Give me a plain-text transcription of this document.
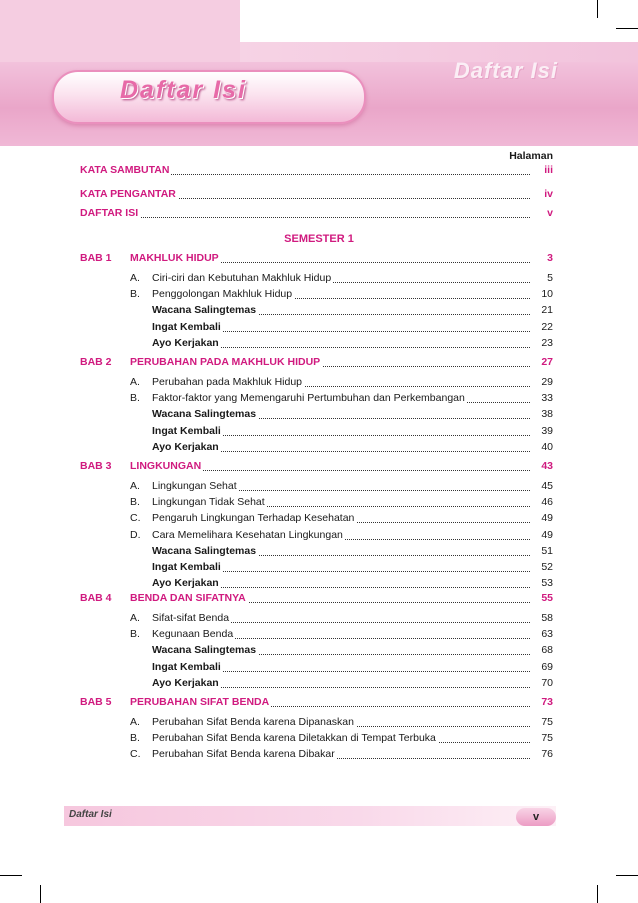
Daftar Isi
Daftar Isi
Halaman
KATA SAMBUTAN	iii
KATA PENGANTAR	iv
DAFTAR ISI	v
BAB 1 MAKHLUK HIDUP	3
A. Ciri-ciri dan Kebutuhan Makhluk Hidup	5
B. Penggolongan Makhluk Hidup	10
Wacana Salingtemas	21
Ingat Kembali	22
Ayo Kerjakan	23
BAB 2 PERUBAHAN PADA MAKHLUK HIDUP	27
A. Perubahan pada Makhluk Hidup	29
B. Faktor-faktor yang Memengaruhi Pertumbuhan dan Perkembangan	33
Wacana Salingtemas	38
Ingat Kembali	39
Ayo Kerjakan	40
BAB 3 LINGKUNGAN	43
A. Lingkungan Sehat	45
B. Lingkungan Tidak Sehat	46
C. Pengaruh Lingkungan Terhadap Kesehatan	49
D. Cara Memelihara Kesehatan Lingkungan	49
Wacana Salingtemas	51
Ingat Kembali	52
Ayo Kerjakan	53
BAB 4 BENDA DAN SIFATNYA	55
A. Sifat-sifat Benda	58
B. Kegunaan Benda	63
Wacana Salingtemas	68
Ingat Kembali	69
Ayo Kerjakan	70
BAB 5 PERUBAHAN SIFAT BENDA	73
A. Perubahan Sifat Benda karena Dipanaskan	75
B. Perubahan Sifat Benda karena Diletakkan di Tempat Terbuka	75
C. Perubahan Sifat Benda karena Dibakar	76
SEMESTER 1
Daftar Isi	v
